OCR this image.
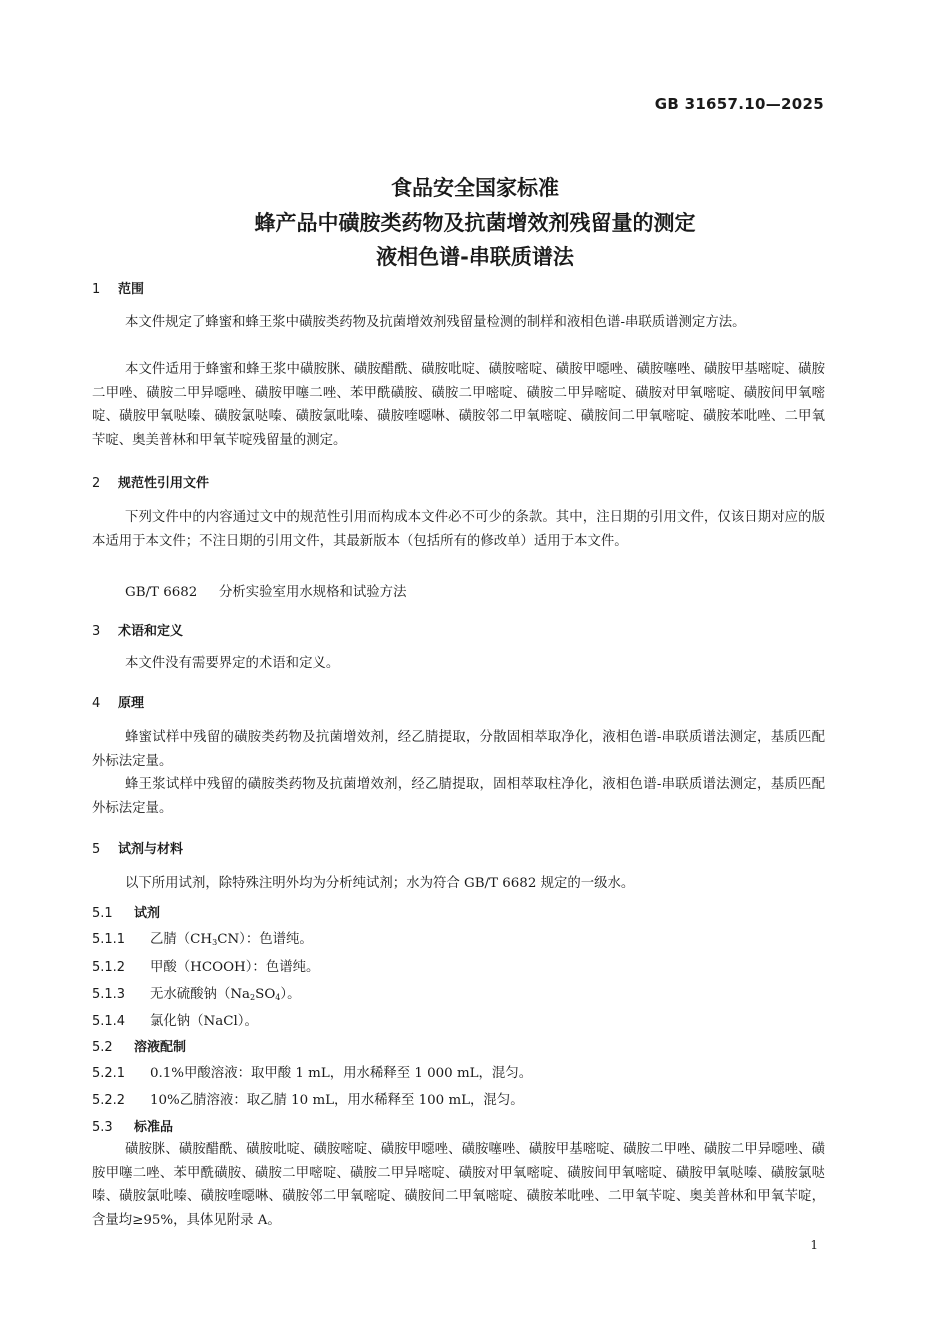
GB 31657.10—2025
食品安全国家标准
蜂产品中磺胺类药物及抗菌增效剂残留量的测定
液相色谱-串联质谱法
1 范围
本文件规定了蜂蜜和蜂王浆中磺胺类药物及抗菌增效剂残留量检测的制样和液相色谱-串联质谱测定方法。
本文件适用于蜂蜜和蜂王浆中磺胺脒、磺胺醋酰、磺胺吡啶、磺胺嘧啶、磺胺甲噁唑、磺胺噻唑、磺胺甲基嘧啶、磺胺二甲唑、磺胺二甲异噁唑、磺胺甲噻二唑、苯甲酰磺胺、磺胺二甲嘧啶、磺胺二甲异嘧啶、磺胺对甲氧嘧啶、磺胺间甲氧嘧啶、磺胺甲氧哒嗪、磺胺氯哒嗪、磺胺氯吡嗪、磺胺喹噁啉、磺胺邻二甲氧嘧啶、磺胺间二甲氧嘧啶、磺胺苯吡唑、二甲氧苄啶、奥美普林和甲氧苄啶残留量的测定。
2 规范性引用文件
下列文件中的内容通过文中的规范性引用而构成本文件必不可少的条款。其中，注日期的引用文件，仅该日期对应的版本适用于本文件；不注日期的引用文件，其最新版本（包括所有的修改单）适用于本文件。
GB/T 6682 分析实验室用水规格和试验方法
3 术语和定义
本文件没有需要界定的术语和定义。
4 原理
蜂蜜试样中残留的磺胺类药物及抗菌增效剂，经乙腈提取，分散固相萃取净化，液相色谱-串联质谱法测定，基质匹配外标法定量。
蜂王浆试样中残留的磺胺类药物及抗菌增效剂，经乙腈提取，固相萃取柱净化，液相色谱-串联质谱法测定，基质匹配外标法定量。
5 试剂与材料
以下所用试剂，除特殊注明外均为分析纯试剂；水为符合 GB/T 6682 规定的一级水。
5.1 试剂
5.1.1 乙腈$(CH_3CN)$：色谱纯。
5.1.2 甲酸（HCOOH）：色谱纯。
5.1.3 无水硫酸钠$(Na_2SO_4)$。
5.1.4 氯化钠（NaCl）。
5.2 溶液配制
5.2.1 0.1%甲酸溶液：取甲酸 1 mL，用水稀释至 1 000 mL，混匀。
5.2.2 10%乙腈溶液：取乙腈 10 mL，用水稀释至 100 mL，混匀。
5.3 标准品
磺胺脒、磺胺醋酰、磺胺吡啶、磺胺嘧啶、磺胺甲噁唑、磺胺噻唑、磺胺甲基嘧啶、磺胺二甲唑、磺胺二甲异噁唑、磺胺甲噻二唑、苯甲酰磺胺、磺胺二甲嘧啶、磺胺二甲异嘧啶、磺胺对甲氧嘧啶、磺胺间甲氧嘧啶、磺胺甲氧哒嗪、磺胺氯哒嗪、磺胺氯吡嗪、磺胺喹噁啉、磺胺邻二甲氧嘧啶、磺胺间二甲氧嘧啶、磺胺苯吡唑、二甲氧苄啶、奥美普林和甲氧苄啶，含量均≥95%，具体见附录 A。
1
